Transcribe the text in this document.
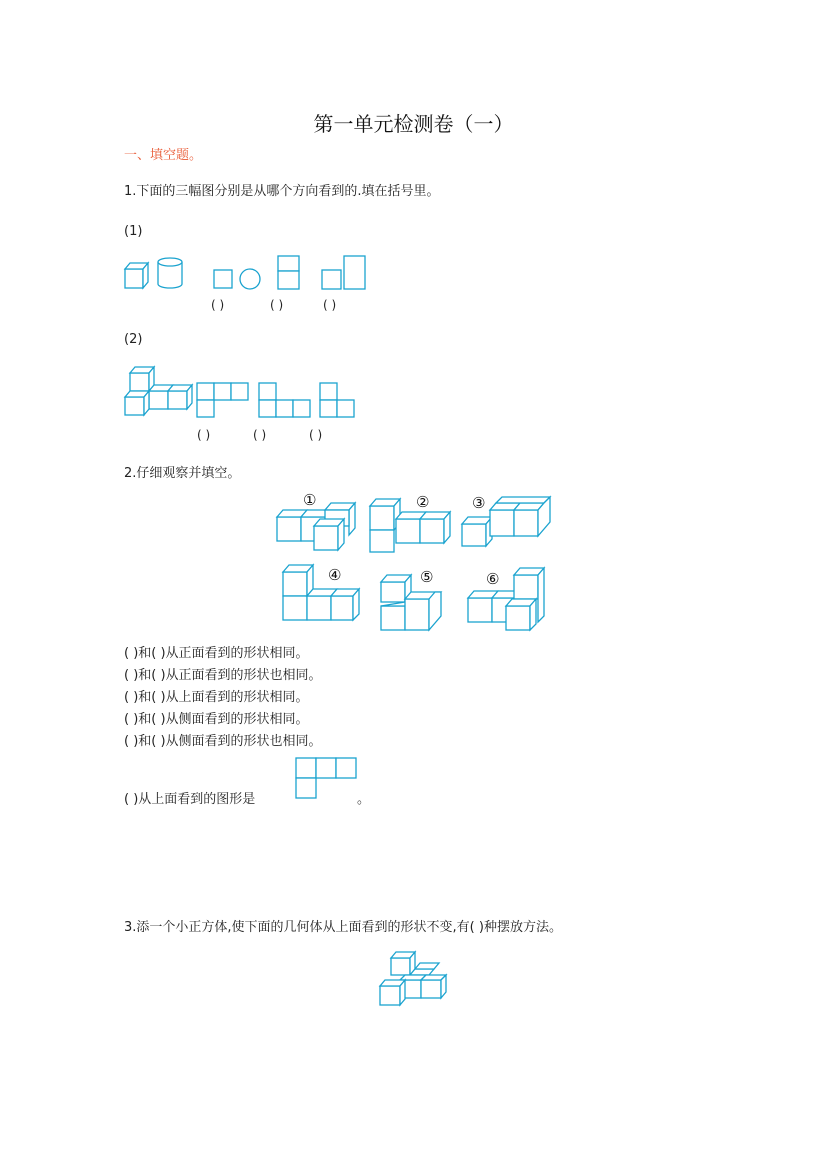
第一单元检测卷（一）
一、填空题。
1.下面的三幅图分别是从哪个方向看到的.填在括号里。
(1)
( )	( )	( )
(2)
( )	( )	( )
2.仔细观察并填空。
①	②	③
④	⑤	⑥
( )和( )从正面看到的形状相同。
( )和( )从正面看到的形状也相同。
( )和( )从上面看到的形状相同。
( )和( )从侧面看到的形状相同。
( )和( )从侧面看到的形状也相同。
( )从上面看到的图形是	。
3.添一个小正方体,使下面的几何体从上面看到的形状不变,有( )种摆放方法。
